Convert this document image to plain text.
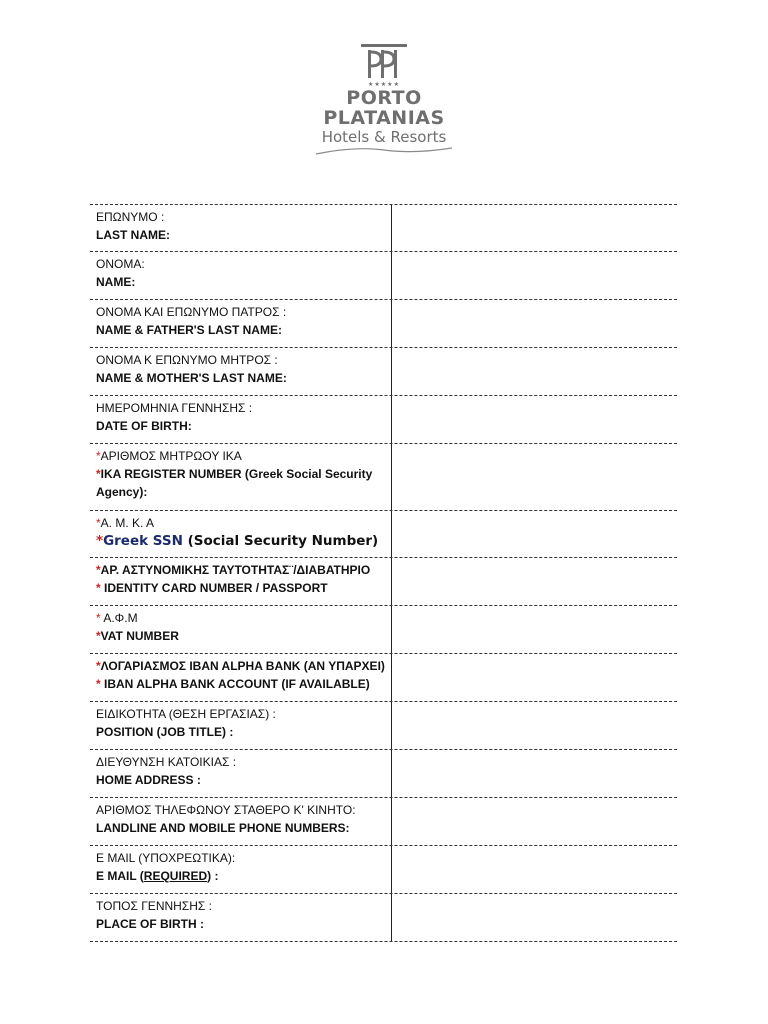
★★★★★
PORTO PLATANIAS
Hotels & Resorts
ΕΠΩΝΥΜΟ :
LAST NAME:
ΟΝΟΜΑ:
NAME:
ΟΝΟΜΑ ΚΑΙ ΕΠΩΝΥΜΟ ΠΑΤΡΟΣ :
NAME & FATHER'S LAST NAME:
ΟΝΟΜΑ Κ ΕΠΩΝΥΜΟ ΜΗΤΡΟΣ :
NAME & MOTHER'S LAST NAME:
ΗΜΕΡΟΜΗΝΙΑ ΓΕΝΝΗΣΗΣ :
DATE OF BIRTH:
*ΑΡΙΘΜΟΣ ΜΗΤΡΩΟΥ ΙΚΑ
*IKA REGISTER NUMBER (Greek Social Security Agency):
*Α. Μ. Κ. Α
*Greek SSN (Social Security Number)
*ΑΡ. ΑΣΤΥΝΟΜΙΚΗΣ ΤΑΥΤΟΤΗΤΑΣ¨/ΔΙΑΒΑΤΗΡΙΟ
* IDENTITY CARD NUMBER / PASSPORT
* Α.Φ.Μ
*VAT NUMBER
*ΛΟΓΑΡΙΑΣΜΟΣ IBAN ALPHA BANK (ΑΝ ΥΠΑΡΧΕΙ)
* IBAN ALPHA BANK ACCOUNT (IF AVAILABLE)
ΕΙΔΙΚΟΤΗΤΑ (ΘΕΣΗ ΕΡΓΑΣΙΑΣ) :
POSITION (JOB TITLE) :
ΔΙΕΥΘΥΝΣΗ ΚΑΤΟΙΚΙΑΣ :
HOME ADDRESS :
ΑΡΙΘΜΟΣ ΤΗΛΕΦΩΝΟΥ ΣΤΑΘΕΡΟ Κ' ΚΙΝΗΤΟ:
LANDLINE AND MOBILE PHONE NUMBERS:
E MAIL (ΥΠΟΧΡΕΩΤΙΚΑ):
E MAIL (REQUIRED) :
ΤΟΠΟΣ ΓΕΝΝΗΣΗΣ :
PLACE OF BIRTH :
